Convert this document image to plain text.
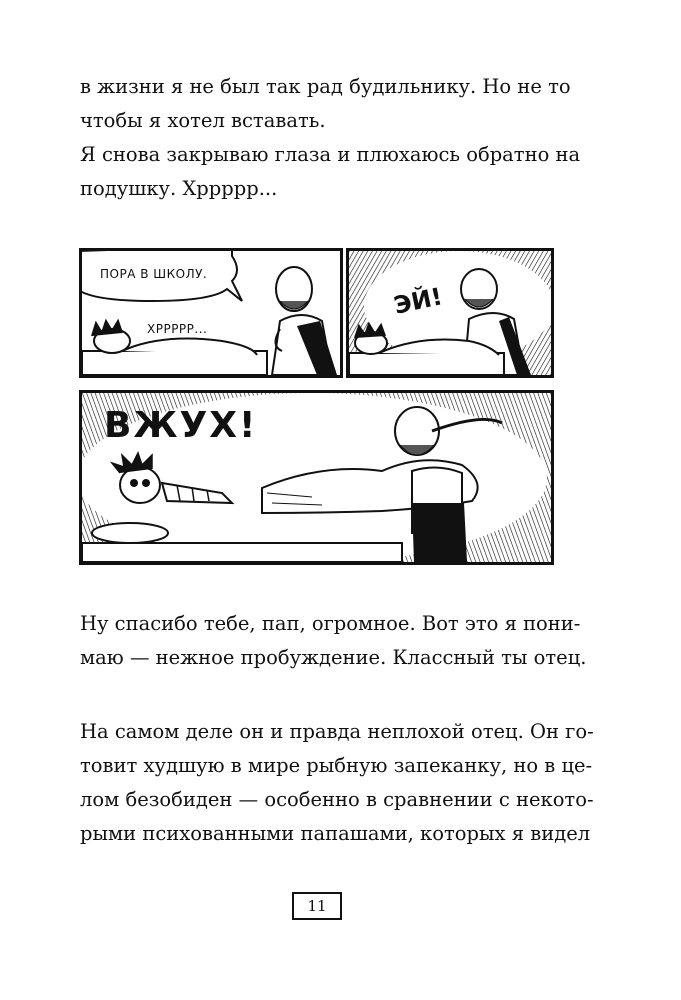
в жизни я не был так рад будильнику. Но не то
чтобы я хотел вставать.
Я снова закрываю глаза и плюхаюсь обратно на
подушку. Хррррр...
ПОРА В ШКОЛУ.
ХРРРРР...
ЭЙ!
ВЖУХ!
Ну спасибо тебе, пап, огромное. Вот это я пони-
маю — нежное пробуждение. Классный ты отец.
На самом деле он и правда неплохой отец. Он го-
товит худшую в мире рыбную запеканку, но в це-
лом безобиден — особенно в сравнении с некото-
рыми психованными папашами, которых я видел
11
